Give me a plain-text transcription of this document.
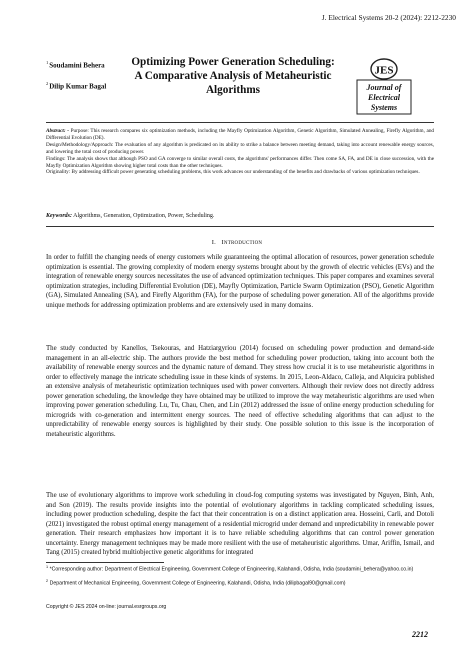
J. Electrical Systems 20-2 (2024): 2212-2230
$^1$Soudamini Behera
$^2$Dilip Kumar Bagal
Optimizing Power Generation Scheduling: A Comparative Analysis of Metaheuristic Algorithms
JES
Journal of
Electrical
Systems

Abstract: - Purpose: This research compares six optimization methods, including the Mayfly Optimization Algorithm, Genetic Algorithm, Simulated Annealing, Firefly Algorithm, and Differential Evolution (DE).

Design/Methodology/Approach: The evaluation of any algorithm is predicated on its ability to strike a balance between meeting demand, taking into account renewable energy sources, and lowering the total cost of producing power.

Findings: The analysis shows that although PSO and GA converge to similar overall costs, the algorithms' performances differ. Then come SA, FA, and DE in close succession, with the Mayfly Optimization Algorithm showing higher total costs than the other techniques.

Originality: By addressing difficult power generating scheduling problems, this work advances our understanding of the benefits and drawbacks of various optimization techniques.

Keywords: Algorithms, Generation, Optimization, Power, Scheduling.
I. Introduction

In order to fulfill the changing needs of energy customers while guaranteeing the optimal allocation of resources, power generation schedule optimization is essential. The growing complexity of modern energy systems brought about by the growth of electric vehicles (EVs) and the integration of renewable energy sources necessitates the use of advanced optimization techniques. This paper compares and examines several optimization strategies, including Differential Evolution (DE), Mayfly Optimization, Particle Swarm Optimization (PSO), Genetic Algorithm (GA), Simulated Annealing (SA), and Firefly Algorithm (FA), for the purpose of scheduling power generation. All of the algorithms provide unique methods for addressing optimization problems and are extensively used in many domains.

The study conducted by Kanellos, Tsekouras, and Hatziargyriou (2014) focused on scheduling power production and demand-side management in an all-electric ship. The authors provide the best method for scheduling power production, taking into account both the availability of renewable energy sources and the dynamic nature of demand. They stress how crucial it is to use metaheuristic algorithms in order to effectively manage the intricate scheduling issue in these kinds of systems. In 2015, Leon-Aldaco, Calleja, and Alquicira published an extensive analysis of metaheuristic optimization techniques used with power converters. Although their review does not directly address power generation scheduling, the knowledge they have obtained may be utilized to improve the way metaheuristic algorithms are used when improving power generation scheduling. Lu, Tu, Chau, Chen, and Lin (2012) addressed the issue of online energy production scheduling for microgrids with co-generation and intermittent energy sources. The need of effective scheduling algorithms that can adjust to the unpredictability of renewable energy sources is highlighted by their study. One possible solution to this issue is the incorporation of metaheuristic algorithms.

The use of evolutionary algorithms to improve work scheduling in cloud-fog computing systems was investigated by Nguyen, Binh, Anh, and Son (2019). The results provide insights into the potential of evolutionary algorithms in tackling complicated scheduling issues, including power production scheduling, despite the fact that their concentration is on a distinct application area. Hosseini, Carli, and Dotoli (2021) investigated the robust optimal energy management of a residential microgrid under demand and unpredictability in renewable power generation. Their research emphasizes how important it is to have reliable scheduling algorithms that can control power generation uncertainty. Energy management techniques may be made more resilient with the use of metaheuristic algorithms. Umar, Ariffin, Ismail, and Tang (2015) created hybrid multiobjective genetic algorithms for integrated

$^1$ *Corresponding author: Department of Electrical Engineering, Government College of Engineering, Kalahandi, Odisha, India (soudamini_behera@yahoo.co.in)

$^2$ Department of Mechanical Engineering, Government College of Engineering, Kalahandi, Odisha, India (dilipbagal90@gmail.com)

Copyright © JES 2024 on-line: journal.esrgroups.org
2212
